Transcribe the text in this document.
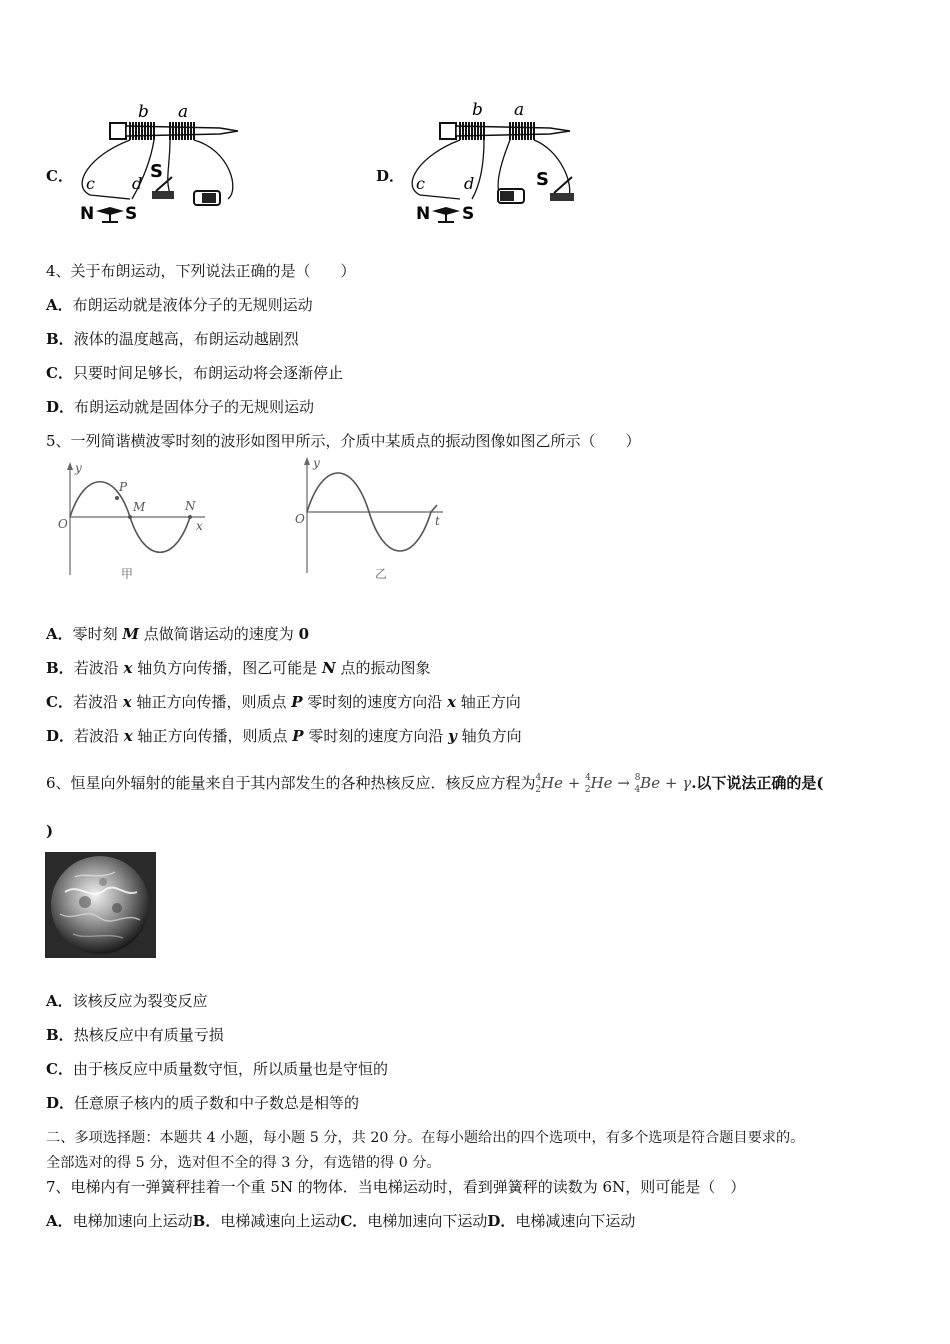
C．
b a
c d
S
N S
D．
b a
c d	S
N S
4、关于布朗运动，下列说法正确的是（　　）
A．布朗运动就是液体分子的无规则运动
B．液体的温度越高，布朗运动越剧烈
C．只要时间足够长，布朗运动将会逐渐停止
D．布朗运动就是固体分子的无规则运动
5、一列简谐横波零时刻的波形如图甲所示，介质中某质点的振动图像如图乙所示（　　）
y
x
O
P
M	N
甲
y
t
O
乙
A．零时刻 M 点做简谐运动的速度为 0
B．若波沿 x 轴负方向传播，图乙可能是 N 点的振动图象
C．若波沿 x 轴正方向传播，则质点 P 零时刻的速度方向沿 x 轴正方向
D．若波沿 x 轴正方向传播，则质点 P 零时刻的速度方向沿 y 轴负方向
6、恒星向外辐射的能量来自于其内部发生的各种热核反应．核反应方程为$^4_2$He + $^4_2$He → $^8_4$Be + γ.以下说法正确的是(
)
A．该核反应为裂变反应
B．热核反应中有质量亏损
C．由于核反应中质量数守恒，所以质量也是守恒的
D．任意原子核内的质子数和中子数总是相等的
二、多项选择题：本题共 4 小题，每小题 5 分，共 20 分。在每小题给出的四个选项中，有多个选项是符合题目要求的。
全部选对的得 5 分，选对但不全的得 3 分，有选错的得 0 分。
7、电梯内有一弹簧秤挂着一个重 5N 的物体．当电梯运动时，看到弹簧秤的读数为 6N，则可能是（　）
A．电梯加速向上运动B．电梯减速向上运动C．电梯加速向下运动D．电梯减速向下运动
